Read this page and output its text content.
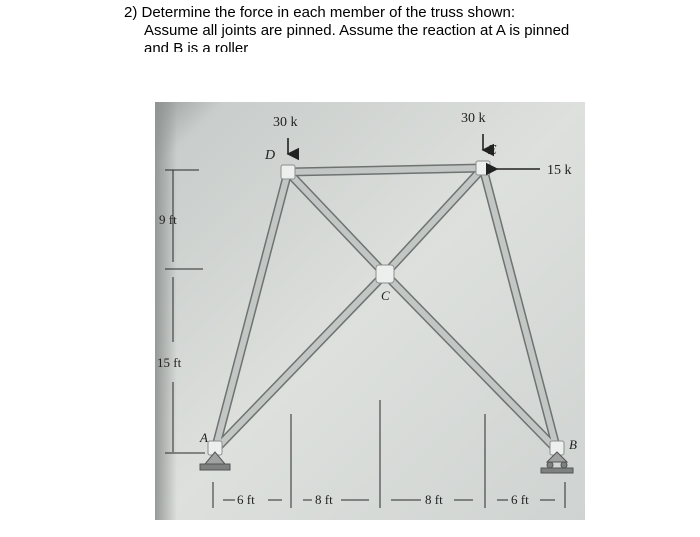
2) Determine the force in each member of the truss shown:
Assume all joints are pinned. Assume the reaction at A is pinned
and B is a roller
30 k	30 k
15 k
D	E
C
A	B
9 ft
15 ft
6 ft	8 ft	8 ft	6 ft
